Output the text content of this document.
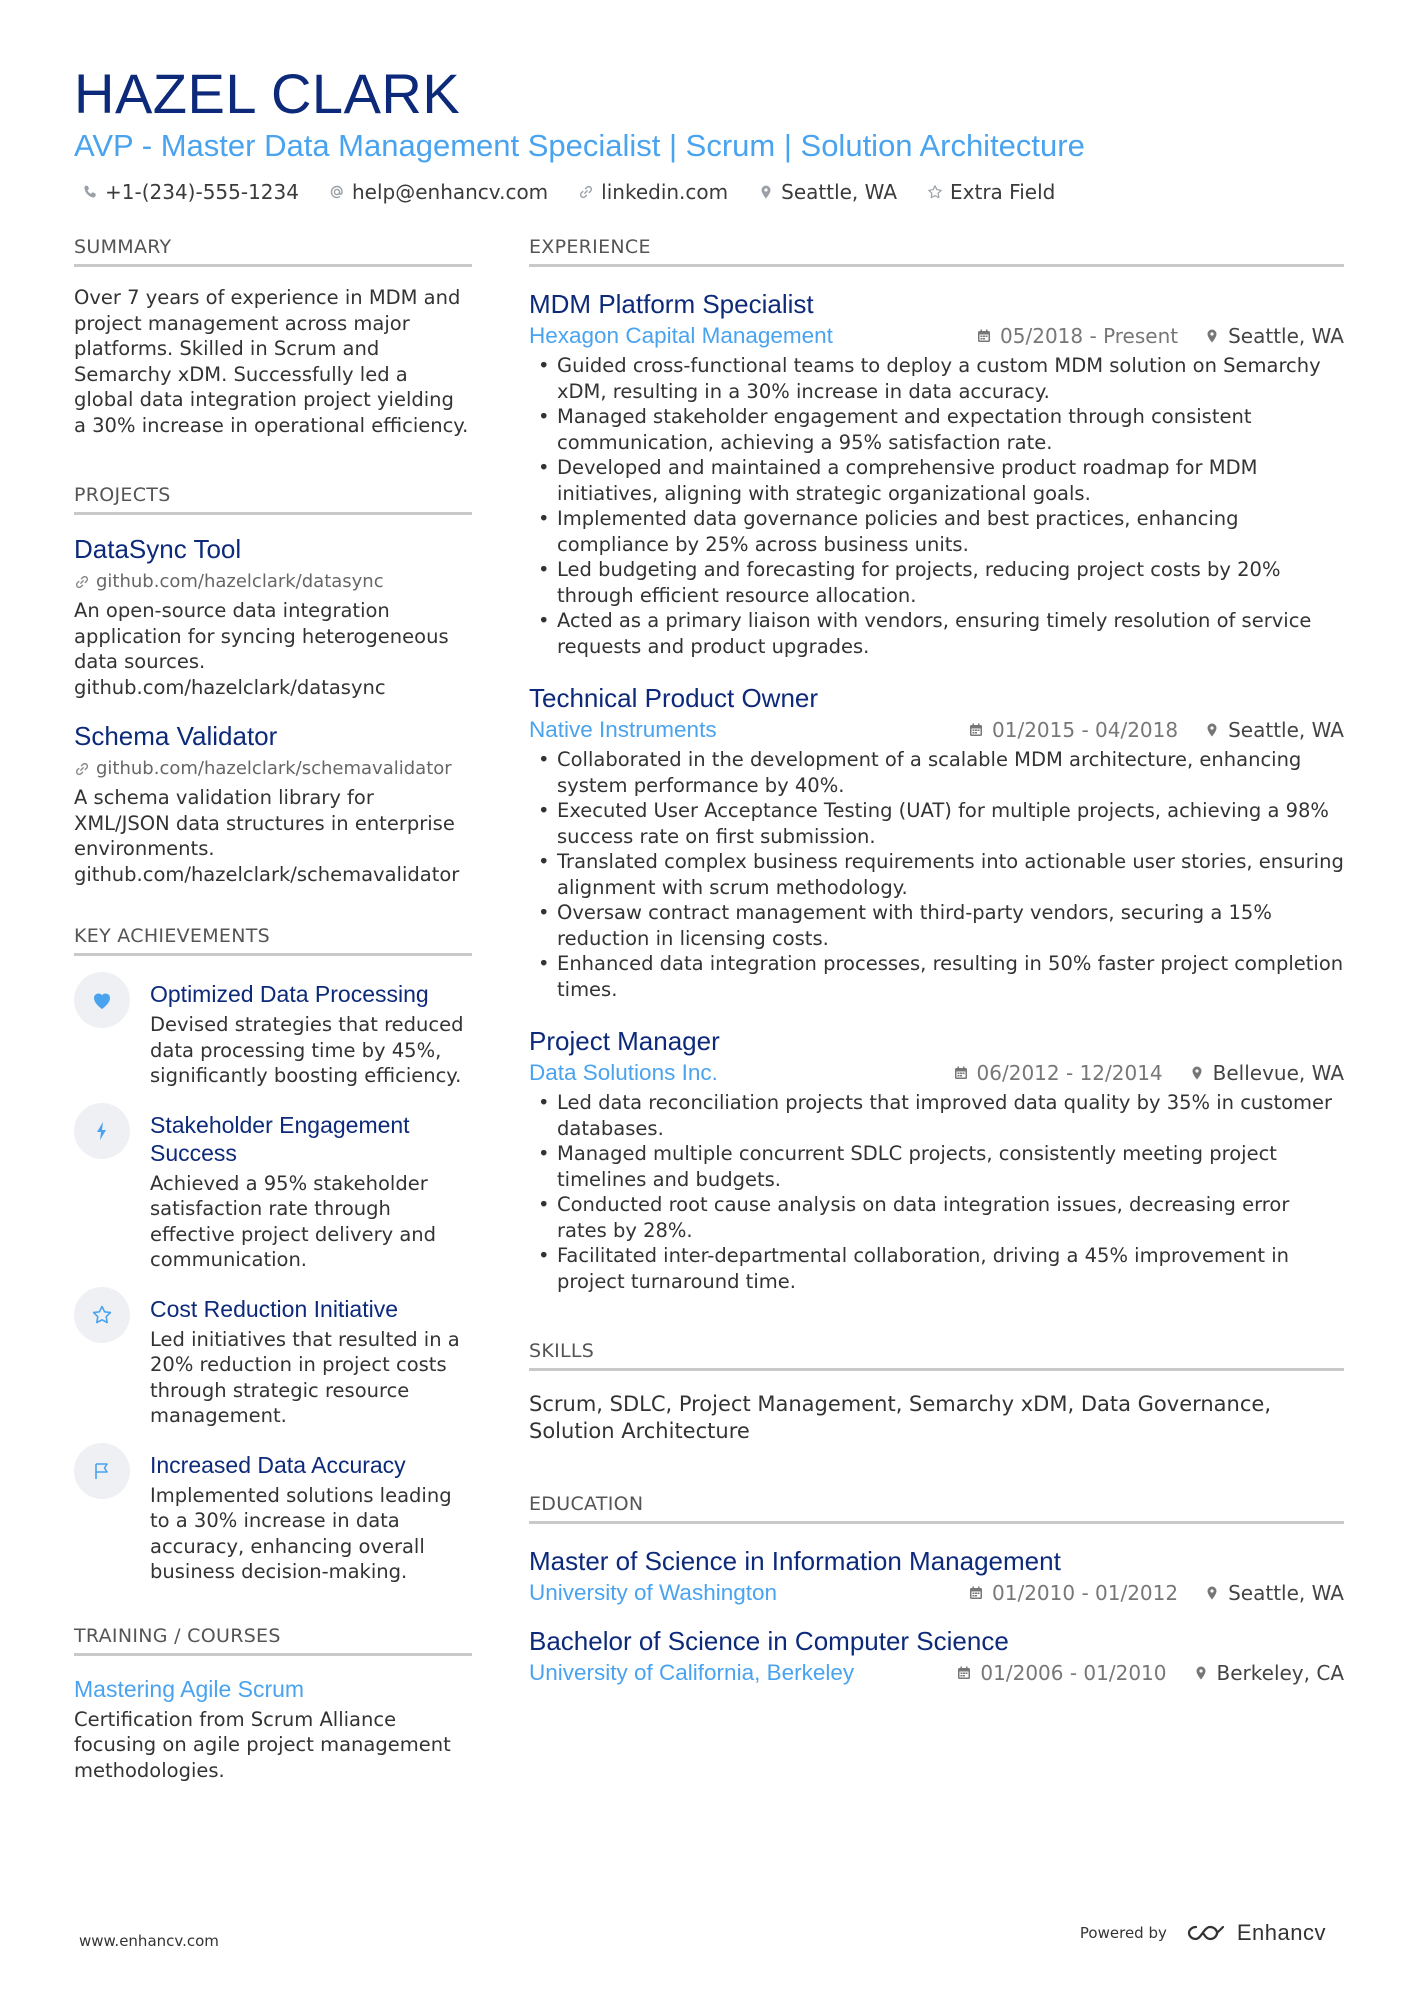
HAZEL CLARK
AVP - Master Data Management Specialist | Scrum | Solution Architecture
+1-(234)-555-1234	help@enhancv.com	linkedin.com	Seattle, WA	Extra Field
SUMMARY
Over 7 years of experience in MDM and project management across major platforms. Skilled in Scrum and Semarchy xDM. Successfully led a global data integration project yielding a 30% increase in operational efficiency.
PROJECTS
DataSync Tool
github.com/hazelclark/datasync
An open-source data integration application for syncing heterogeneous data sources.
github.com/hazelclark/datasync
Schema Validator
github.com/hazelclark/schemavalidator
A schema validation library for XML/JSON data structures in enterprise environments.
github.com/hazelclark/schemavalidator
KEY ACHIEVEMENTS
Optimized Data Processing
Devised strategies that reduced data processing time by 45%, significantly boosting efficiency.
Stakeholder Engagement Success
Achieved a 95% stakeholder satisfaction rate through effective project delivery and communication.
Cost Reduction Initiative
Led initiatives that resulted in a 20% reduction in project costs through strategic resource management.
Increased Data Accuracy
Implemented solutions leading to a 30% increase in data accuracy, enhancing overall business decision-making.
TRAINING / COURSES
Mastering Agile Scrum
Certification from Scrum Alliance focusing on agile project management methodologies.
EXPERIENCE
MDM Platform Specialist
Hexagon Capital Management	05/2018 - Present	Seattle, WA
• Guided cross-functional teams to deploy a custom MDM solution on Semarchy xDM, resulting in a 30% increase in data accuracy.
• Managed stakeholder engagement and expectation through consistent communication, achieving a 95% satisfaction rate.
• Developed and maintained a comprehensive product roadmap for MDM initiatives, aligning with strategic organizational goals.
• Implemented data governance policies and best practices, enhancing compliance by 25% across business units.
• Led budgeting and forecasting for projects, reducing project costs by 20% through efficient resource allocation.
• Acted as a primary liaison with vendors, ensuring timely resolution of service requests and product upgrades.
Technical Product Owner
Native Instruments	01/2015 - 04/2018	Seattle, WA
• Collaborated in the development of a scalable MDM architecture, enhancing system performance by 40%.
• Executed User Acceptance Testing (UAT) for multiple projects, achieving a 98% success rate on first submission.
• Translated complex business requirements into actionable user stories, ensuring alignment with scrum methodology.
• Oversaw contract management with third-party vendors, securing a 15% reduction in licensing costs.
• Enhanced data integration processes, resulting in 50% faster project completion times.
Project Manager
Data Solutions Inc.	06/2012 - 12/2014	Bellevue, WA
• Led data reconciliation projects that improved data quality by 35% in customer databases.
• Managed multiple concurrent SDLC projects, consistently meeting project timelines and budgets.
• Conducted root cause analysis on data integration issues, decreasing error rates by 28%.
• Facilitated inter-departmental collaboration, driving a 45% improvement in project turnaround time.
SKILLS
Scrum, SDLC, Project Management, Semarchy xDM, Data Governance, Solution Architecture
EDUCATION
Master of Science in Information Management
University of Washington	01/2010 - 01/2012	Seattle, WA
Bachelor of Science in Computer Science
University of California, Berkeley	01/2006 - 01/2010	Berkeley, CA
www.enhancv.com	Powered by	Enhancv
